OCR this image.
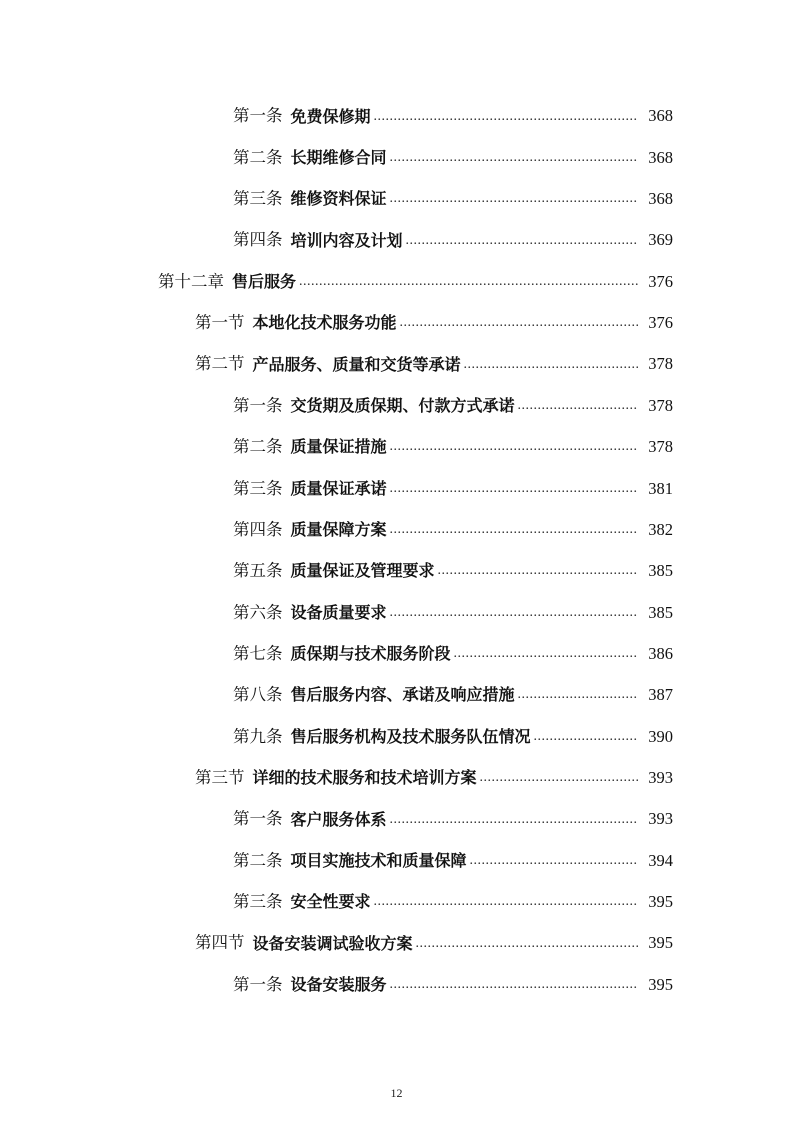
第一条 免费保修期 .....	368
第二条 长期维修合同 .....	368
第三条 维修资料保证 .....	368
第四条 培训内容及计划 .....	369
第十二章 售后服务 .....	376
第一节 本地化技术服务功能 .....	376
第二节 产品服务、质量和交货等承诺 .....	378
第一条 交货期及质保期、付款方式承诺 .....	378
第二条 质量保证措施 .....	378
第三条 质量保证承诺 .....	381
第四条 质量保障方案 .....	382
第五条 质量保证及管理要求 .....	385
第六条 设备质量要求 .....	385
第七条 质保期与技术服务阶段 .....	386
第八条 售后服务内容、承诺及响应措施 .....	387
第九条 售后服务机构及技术服务队伍情况 .....	390
第三节 详细的技术服务和技术培训方案 .....	393
第一条 客户服务体系 .....	393
第二条 项目实施技术和质量保障 .....	394
第三条 安全性要求 .....	395
第四节 设备安装调试验收方案 .....	395
第一条 设备安装服务 .....	395
12
